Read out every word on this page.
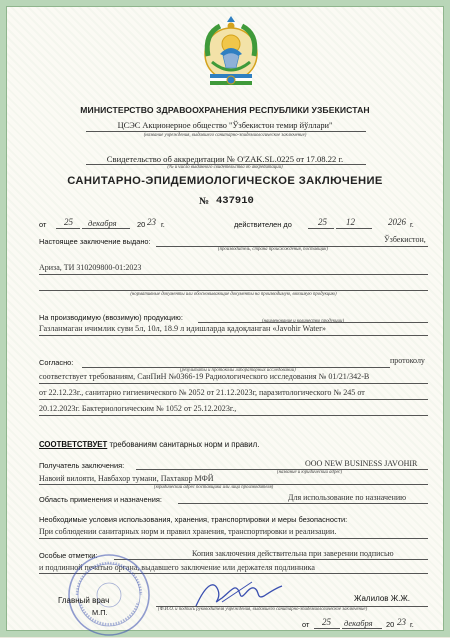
МИНИСТЕРСТВО ЗДРАВООХРАНЕНИЯ РЕСПУБЛИКИ УЗБЕКИСТАН
ЦСЭС Акционерное общество "Ўзбекистон темир йўллари"
(название учреждения, выдавшего санитарно-эпидемиологическое заключение)
Свидетельство об аккредитации № O'ZAK.SL.0225 от 17.08.22 г.
(№ и число выданного свидетельства об аккредитации)
САНИТАРНО-ЭПИДЕМИОЛОГИЧЕСКОЕ ЗАКЛЮЧЕНИЕ
№ 437910
от 25 декабря	20 23 г.	действителен до	25 12	2026 г.
Настоящее заключение выдано:	Ўзбекистон,
(производитель, страна происхождения, поставщик)
Ариза, ТИ 310209800-01:2023
(нормативные документы или обосновывающие документы на производимую, ввозимую продукцию)
На производимую (ввозимую) продукцию:	(наименование и количество продукции)
Газланмаган ичимлик суви 5л, 10л, 18.9 л идишларда қадоқланган «Javohir Water»
Согласно:	протоколу
(результаты и протоколы лабораторных исследований)
соответствует требованиям, СанПиН №0366-19 Радиологического исследования № 01/21/342-В
от 22.12.23г., санитарно гигиенического № 2052 от 21.12.2023г, паразитологического № 245 от
20.12.2023г. Бактериологическим № 1052 от 25.12.2023г.,
СООТВЕТСТВУЕТ требованиям санитарных норм и правил.
Получатель заключения:	OOO NEW BUSINESS JAVOHIR
(название и юридический адрес)
Навоий вилояти, Навбахор тумани, Пахтакор МФЙ
(юридический адрес поставщика или лица производителя)
Область применения и назначения:	Для использование по назначению
Необходимые условия использования, хранения, транспортировки и меры безопасности:
При соблюдении санитарных норм и правил хранения, транспортировки и реализации.
Особые отметки:	Копия заключения действительна при заверении подписью
и подлинной печатью органа, выдавшего заключение или держателя подлинника
Главный врач
М.П.
Жалилов Ж.Ж.
(Ф.И.О. и подпись руководителя учреждения, выдавшего санитарно-эпидемиологическое заключение)
от 25 декабря 20 23 г.
